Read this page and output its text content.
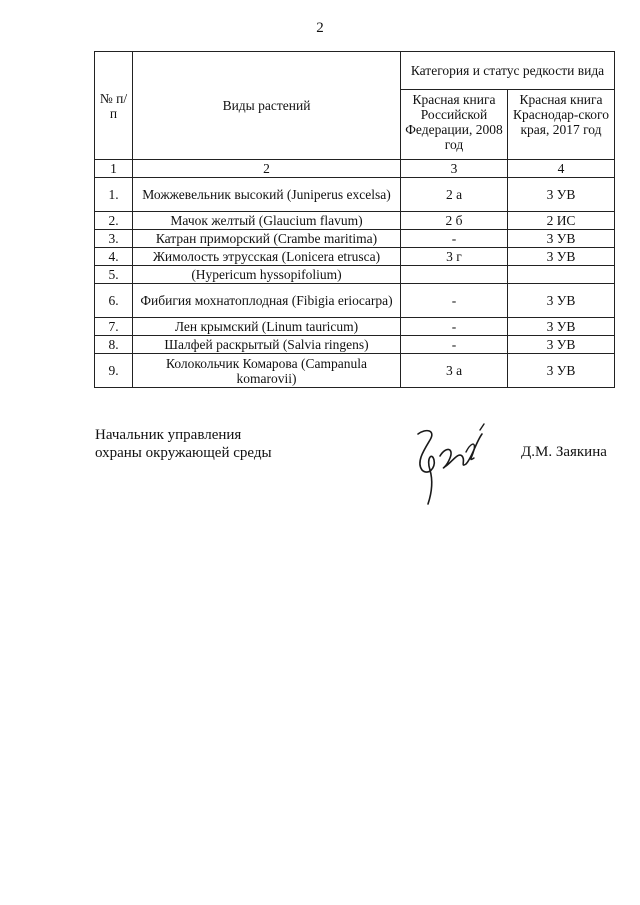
2
№ п/п	Виды растений	Категория и статус редкости вида	
		Красная книга Российской Федерации, 2008 год	Красная книга Краснодар-ского края, 2017 год
1	2	3	4
1.	Можжевельник высокий (Juniperus excelsa)	2 а	3 УВ
2.	Мачок желтый (Glaucium flavum)	2 б	2 ИС
3.	Катран приморский (Crambe maritima)	-	3 УВ
4.	Жимолость этрусская (Lonicera etrusca)	3 г	3 УВ
5.	(Hypericum hyssopifolium)		
6.	Фибигия мохнатоплодная (Fibigia eriocarpa)	-	3 УВ
7.	Лен крымский (Linum tauricum)	-	3 УВ
8.	Шалфей раскрытый (Salvia ringens)	-	3 УВ
9.	Колокольчик Комарова (Campanula komarovii)	3 а	3 УВ
Начальник управления
охраны окружающей среды	Д.М. Заякина
